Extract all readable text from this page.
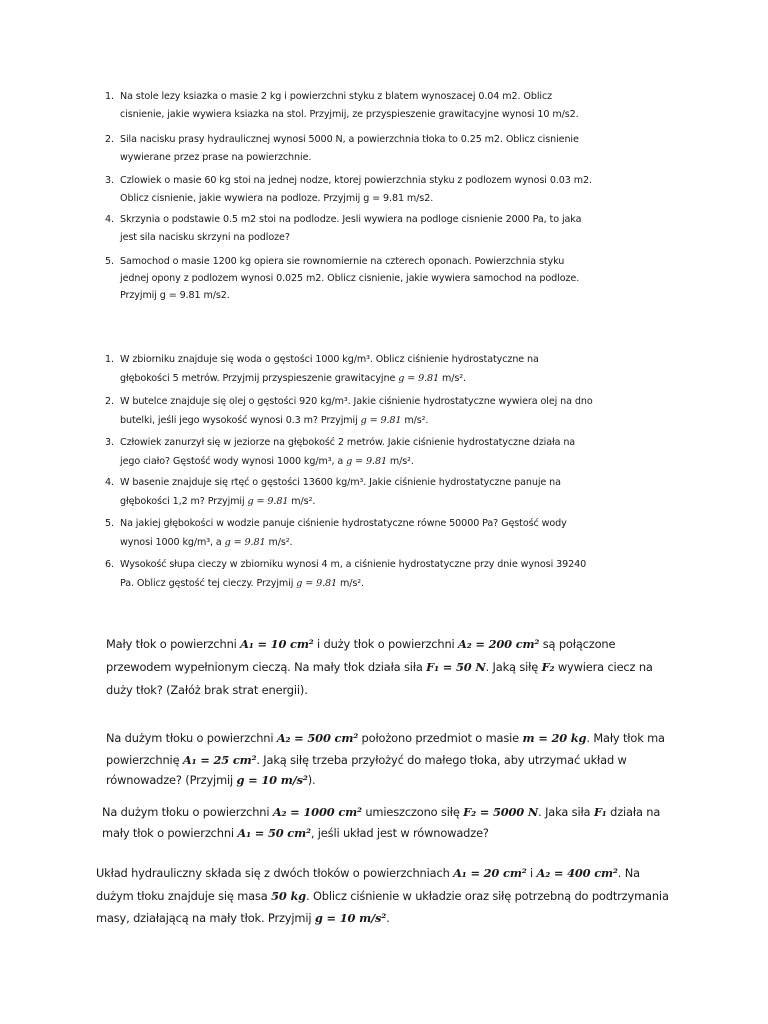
1. Na stole lezy ksiazka o masie 2 kg i powierzchni styku z blatem wynoszacej 0.04 m2. Oblicz
cisnienie, jakie wywiera ksiazka na stol. Przyjmij, ze przyspieszenie grawitacyjne wynosi 10 m/s2.
2. Sila nacisku prasy hydraulicznej wynosi 5000 N, a powierzchnia tłoka to 0.25 m2. Oblicz cisnienie
wywierane przez prase na powierzchnie.
3. Czlowiek o masie 60 kg stoi na jednej nodze, ktorej powierzchnia styku z podlozem wynosi 0.03 m2.
Oblicz cisnienie, jakie wywiera na podloze. Przyjmij g = 9.81 m/s2.
4. Skrzynia o podstawie 0.5 m2 stoi na podlodze. Jesli wywiera na podloge cisnienie 2000 Pa, to jaka
jest sila nacisku skrzyni na podloze?
5. Samochod o masie 1200 kg opiera sie rownomiernie na czterech oponach. Powierzchnia styku
jednej opony z podlozem wynosi 0.025 m2. Oblicz cisnienie, jakie wywiera samochod na podloze.
Przyjmij g = 9.81 m/s2.
1. W zbiorniku znajduje się woda o gęstości 1000 kg/m³. Oblicz ciśnienie hydrostatyczne na
głębokości 5 metrów. Przyjmij przyspieszenie grawitacyjne g = 9.81 m/s².
2. W butelce znajduje się olej o gęstości 920 kg/m³. Jakie ciśnienie hydrostatyczne wywiera olej na dno
butelki, jeśli jego wysokość wynosi 0.3 m? Przyjmij g = 9.81 m/s².
3. Człowiek zanurzył się w jeziorze na głębokość 2 metrów. Jakie ciśnienie hydrostatyczne działa na
jego ciało? Gęstość wody wynosi 1000 kg/m³, a g = 9.81 m/s².
4. W basenie znajduje się rtęć o gęstości 13600 kg/m³. Jakie ciśnienie hydrostatyczne panuje na
głębokości 1,2 m? Przyjmij g = 9.81 m/s².
5. Na jakiej głębokości w wodzie panuje ciśnienie hydrostatyczne równe 50000 Pa? Gęstość wody
wynosi 1000 kg/m³, a g = 9.81 m/s².
6. Wysokość słupa cieczy w zbiorniku wynosi 4 m, a ciśnienie hydrostatyczne przy dnie wynosi 39240
Pa. Oblicz gęstość tej cieczy. Przyjmij g = 9.81 m/s².
Mały tłok o powierzchni A₁ = 10 cm² i duży tłok o powierzchni A₂ = 200 cm² są połączone
przewodem wypełnionym cieczą. Na mały tłok działa siła F₁ = 50 N. Jaką siłę F₂ wywiera ciecz na
duży tłok? (Załóż brak strat energii).
Na dużym tłoku o powierzchni A₂ = 500 cm² położono przedmiot o masie m = 20 kg. Mały tłok ma
powierzchnię A₁ = 25 cm². Jaką siłę trzeba przyłożyć do małego tłoka, aby utrzymać układ w
równowadze? (Przyjmij g = 10 m/s²).
Na dużym tłoku o powierzchni A₂ = 1000 cm² umieszczono siłę F₂ = 5000 N. Jaka siła F₁ działa na
mały tłok o powierzchni A₁ = 50 cm², jeśli układ jest w równowadze?
Układ hydrauliczny składa się z dwóch tłoków o powierzchniach A₁ = 20 cm² i A₂ = 400 cm². Na
dużym tłoku znajduje się masa 50 kg. Oblicz ciśnienie w układzie oraz siłę potrzebną do podtrzymania
masy, działającą na mały tłok. Przyjmij g = 10 m/s².
